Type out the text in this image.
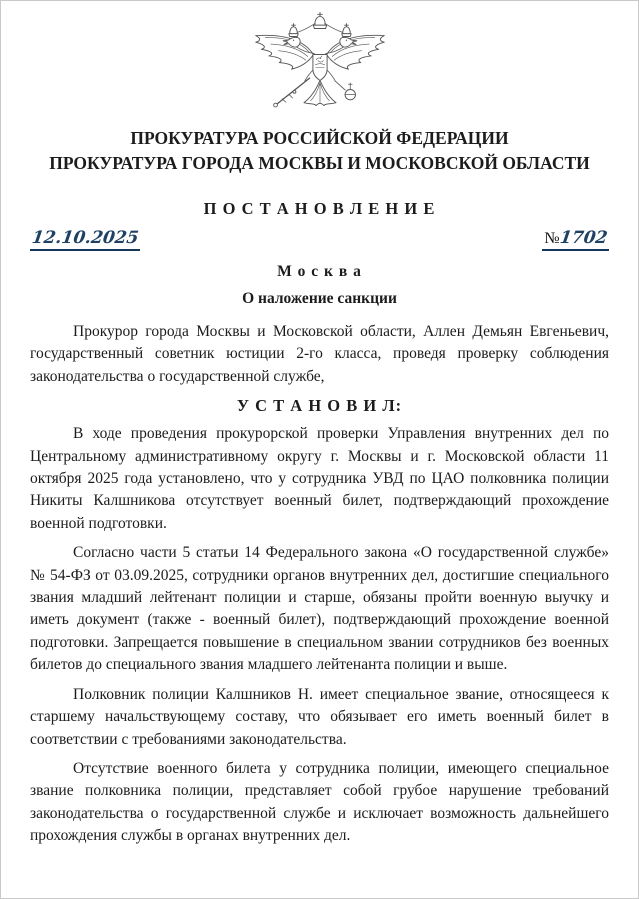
ПРОКУРАТУРА РОССИЙСКОЙ ФЕДЕРАЦИИ
ПРОКУРАТУРА ГОРОДА МОСКВЫ И МОСКОВСКОЙ ОБЛАСТИ
П О С Т А Н О В Л Е Н И Е
12.10.2025	№1702
М о с к в а
О наложение санкции

Прокурор города Москвы и Московской области, Аллен Демьян Евгеньевич, государственный советник юстиции 2-го класса, проведя проверку соблюдения законодательства о государственной службе,

У С Т А Н О В И Л:

В ходе проведения прокурорской проверки Управления внутренних дел по Центральному административному округу г. Москвы и г. Московской области 11 октября 2025 года установлено, что у сотрудника УВД по ЦАО полковника полиции Никиты Калшникова отсутствует военный билет, подтверждающий прохождение военной подготовки.

Согласно части 5 статьи 14 Федерального закона «О государственной службе» № 54-ФЗ от 03.09.2025, сотрудники органов внутренних дел, достигшие специального звания младший лейтенант полиции и старше, обязаны пройти военную выучку и иметь документ (также - военный билет), подтверждающий прохождение военной подготовки. Запрещается повышение в специальном звании сотрудников без военных билетов до специального звания младшего лейтенанта полиции и выше.

Полковник полиции Калшников Н. имеет специальное звание, относящееся к старшему начальствующему составу, что обязывает его иметь военный билет в соответствии с требованиями законодательства.

Отсутствие военного билета у сотрудника полиции, имеющего специальное звание полковника полиции, представляет собой грубое нарушение требований законодательства о государственной службе и исключает возможность дальнейшего прохождения службы в органах внутренних дел.
